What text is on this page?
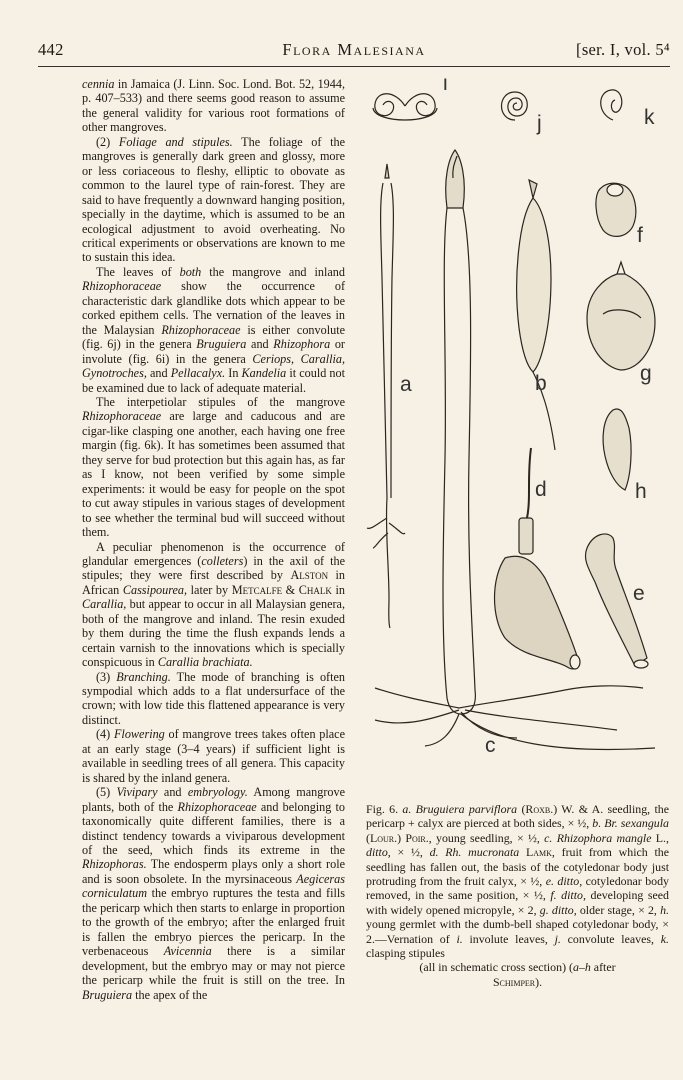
442	Flora Malesiana	[ser. I, vol. 5⁴

cennia in Jamaica (J. Linn. Soc. Lond. Bot. 52, 1944, p. 407–533) and there seems good reason to assume the general validity for various root formations of other mangroves.

(2) Foliage and stipules. The foliage of the mangroves is generally dark green and glossy, more or less coriaceous to fleshy, elliptic to obovate as common to the laurel type of rain-forest. They are said to have frequently a downward hanging position, specially in the daytime, which is assumed to be an ecological adjustment to avoid overheating. No critical experiments or observations are known to me to sustain this idea.

The leaves of both the mangrove and inland Rhizophoraceae show the occurrence of characteristic dark glandlike dots which appear to be corked epithem cells. The vernation of the leaves in the Malaysian Rhizophoraceae is either convolute (fig. 6j) in the genera Bruguiera and Rhizophora or involute (fig. 6i) in the genera Ceriops, Carallia, Gynotroches, and Pellacalyx. In Kandelia it could not be examined due to lack of adequate material.

The interpetiolar stipules of the mangrove Rhizophoraceae are large and caducous and are cigar-like clasping one another, each having one free margin (fig. 6k). It has sometimes been assumed that they serve for bud protection but this again has, as far as I know, not been verified by some simple experiments: it would be easy for people on the spot to cut away stipules in various stages of development to see whether the terminal bud will succeed without them.

A peculiar phenomenon is the occurrence of glandular emergences (colleters) in the axil of the stipules; they were first described by Alston in African Cassipourea, later by Metcalfe & Chalk in Carallia, but appear to occur in all Malaysian genera, both of the mangrove and inland. The resin exuded by them during the time the flush expands lends a certain varnish to the innovations which is specially conspicuous in Carallia brachiata.

(3) Branching. The mode of branching is often sympodial which adds to a flat undersurface of the crown; with low tide this flattened appearance is very distinct.

(4) Flowering of mangrove trees takes often place at an early stage (3–4 years) if sufficient light is available in seedling trees of all genera. This capacity is shared by the inland genera.

(5) Vivipary and embryology. Among mangrove plants, both of the Rhizophoraceae and belonging to taxonomically quite different families, there is a distinct tendency towards a viviparous development of the seed, which finds its extreme in the Rhizophoras. The endosperm plays only a short role and is soon obsolete. In the myrsinaceous Aegiceras corniculatum the embryo ruptures the testa and fills the pericarp which then starts to enlarge in proportion to the growth of the embryo; after the enlarged fruit is fallen the embryo pierces the pericarp. In the verbenaceous Avicennia there is a similar development, but the embryo may or may not pierce the pericarp while the fruit is still on the tree. In Bruguiera the apex of the

i
j	k
f
g
a	b
h
d
e
c

Fig. 6. a. Bruguiera parviflora (Roxb.) W. & A. seedling, the pericarp + calyx are pierced at both sides, × ½, b. Br. sexangula (Lour.) Poir., young seedling, × ½, c. Rhizophora mangle L., ditto, × ½, d. Rh. mucronata Lamk, fruit from which the seedling has fallen out, the basis of the cotyledonar body just protruding from the fruit calyx, × ½, e. ditto, cotyledonar body removed, in the same position, × ½, f. ditto, developing seed with widely opened micropyle, × 2, g. ditto, older stage, × 2, h. young germlet with the dumb-bell shaped cotyledonar body, × 2.—Vernation of i. involute leaves, j. convolute leaves, k. clasping stipules

(all in schematic cross section) (a–h after

Schimper).
